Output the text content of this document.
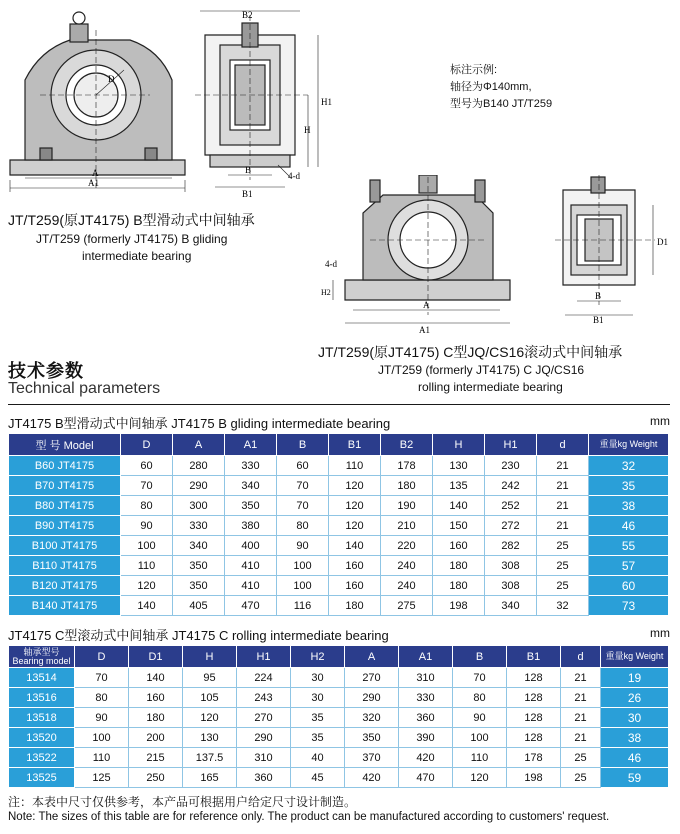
D
A
A1
B2
H
H1
B
B1
4-d
JT/T259(原JT4175) B型滑动式中间轴承
JT/T259 (formerly JT4175) B gliding
intermediate bearing
标注示例:
轴径为Φ140mm,
型号为B140 JT/T259
4-d
H2
A
A1
D1
B
B1
JT/T259(原JT4175) C型JQ/CS16滚动式中间轴承
JT/T259 (formerly JT4175) C JQ/CS16
rolling intermediate bearing
技术参数
Technical parameters
JT4175 B型滑动式中间轴承 JT4175 B gliding intermediate bearing	mm
型 号 Model	D	A	A1	B	B1	B2	H	H1	d	重量kg Weight
B60 JT4175	60	280	330	60	110	178	130	230	21	32
B70 JT4175	70	290	340	70	120	180	135	242	21	35
B80 JT4175	80	300	350	70	120	190	140	252	21	38
B90 JT4175	90	330	380	80	120	210	150	272	21	46
B100 JT4175	100	340	400	90	140	220	160	282	25	55
B110 JT4175	110	350	410	100	160	240	180	308	25	57
B120 JT4175	120	350	410	100	160	240	180	308	25	60
B140 JT4175	140	405	470	116	180	275	198	340	32	73
JT4175 C型滚动式中间轴承 JT4175 C rolling intermediate bearing	mm
轴承型号
Bearing model	D	D1	H	H1	H2	A	A1	B	B1	d	重量kg Weight
13514	70	140	95	224	30	270	310	70	128	21	19
13516	80	160	105	243	30	290	330	80	128	21	26
13518	90	180	120	270	35	320	360	90	128	21	30
13520	100	200	130	290	35	350	390	100	128	21	38
13522	110	215	137.5	310	40	370	420	110	178	25	46
13525	125	250	165	360	45	420	470	120	198	25	59
注：本表中尺寸仅供参考，本产品可根据用户给定尺寸设计制造。
Note: The sizes of this table are for reference only. The product can be manufactured according to customers' request.
